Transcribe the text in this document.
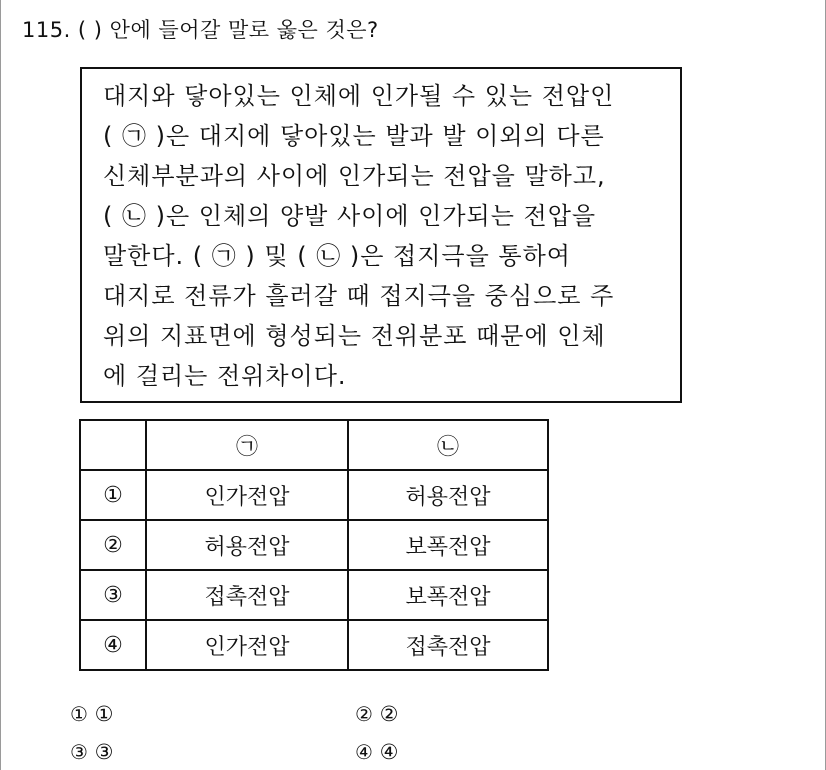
115. ( ) 안에 들어갈 말로 옳은 것은?
대지와 닿아있는 인체에 인가될 수 있는 전압인
( ㉠ )은 대지에 닿아있는 발과 발 이외의 다른
신체부분과의 사이에 인가되는 전압을 말하고,
( ㉡ )은 인체의 양발 사이에 인가되는 전압을
말한다. ( ㉠ ) 및 ( ㉡ )은 접지극을 통하여
대지로 전류가 흘러갈 때 접지극을 중심으로 주
위의 지표면에 형성되는 전위분포 때문에 인체
에 걸리는 전위차이다.
	㉠	㉡
①	인가전압	허용전압
②	허용전압	보폭전압
③	접촉전압	보폭전압
④	인가전압	접촉전압
① ①	② ②
③ ③	④ ④
